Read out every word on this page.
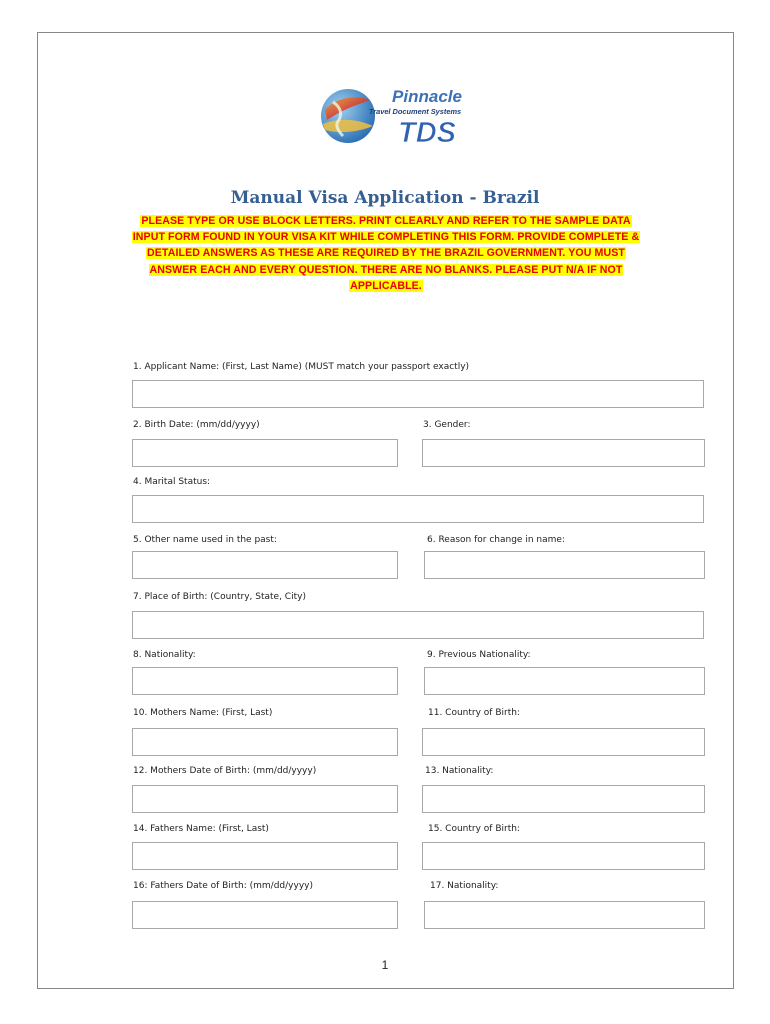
Pinnacle
Travel Document Systems
TDS
Manual Visa Application - Brazil
PLEASE TYPE OR USE BLOCK LETTERS. PRINT CLEARLY AND REFER TO THE SAMPLE DATA INPUT FORM FOUND IN YOUR VISA KIT WHILE COMPLETING THIS FORM. PROVIDE COMPLETE & DETAILED ANSWERS AS THESE ARE REQUIRED BY THE BRAZIL GOVERNMENT. YOU MUST ANSWER EACH AND EVERY QUESTION. THERE ARE NO BLANKS. PLEASE PUT N/A IF NOT APPLICABLE.
1. Applicant Name: (First, Last Name) (MUST match your passport exactly)
2. Birth Date: (mm/dd/yyyy)	3. Gender:
4. Marital Status:
5. Other name used in the past:	6. Reason for change in name:
7. Place of Birth: (Country, State, City)
8. Nationality:	9. Previous Nationality:
10. Mothers Name: (First, Last)	11. Country of Birth:
12. Mothers Date of Birth: (mm/dd/yyyy)	13. Nationality:
14. Fathers Name: (First, Last)	15. Country of Birth:
16: Fathers Date of Birth: (mm/dd/yyyy)	17. Nationality:
1
